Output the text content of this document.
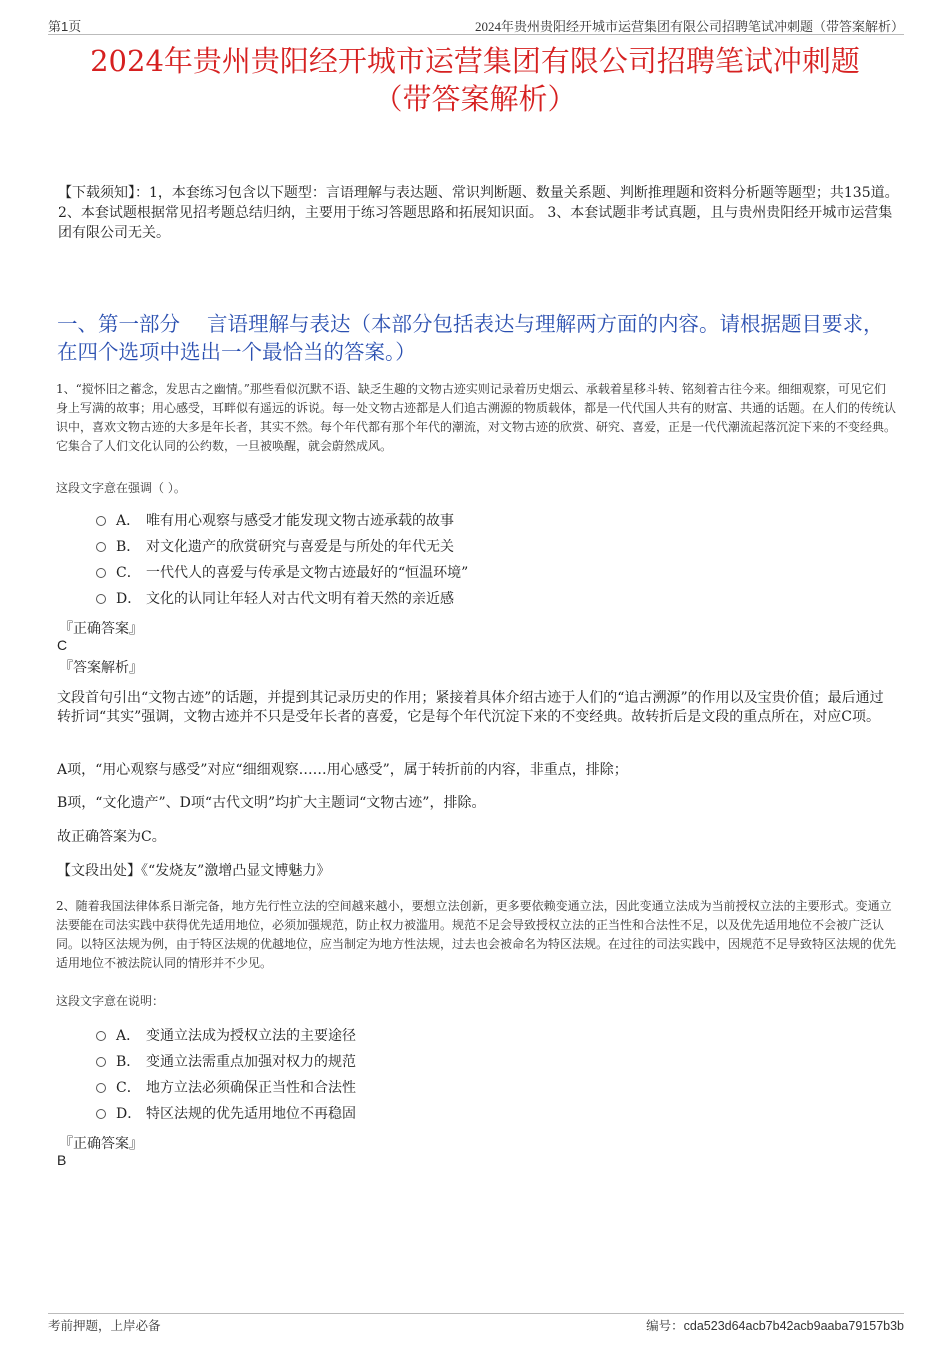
第1页	2024年贵州贵阳经开城市运营集团有限公司招聘笔试冲刺题（带答案解析）
2024年贵州贵阳经开城市运营集团有限公司招聘笔试冲刺题
（带答案解析）
【下载须知】：1，本套练习包含以下题型：言语理解与表达题、常识判断题、数量关系题、判断推理题和资料分析题等题型；共135道。 2、本套试题根据常见招考题总结归纳，主要用于练习答题思路和拓展知识面。 3、本套试题非考试真题，且与贵州贵阳经开城市运营集团有限公司无关。
一、第一部分　 言语理解与表达（本部分包括表达与理解两方面的内容。请根据题目要求，在四个选项中选出一个最恰当的答案。）
1、“搅怀旧之蓄念，发思古之幽情。”那些看似沉默不语、缺乏生趣的文物古迹实则记录着历史烟云、承载着星移斗转、铭刻着古往今来。细细观察，可见它们身上写满的故事；用心感受，耳畔似有遥远的诉说。每一处文物古迹都是人们追古溯源的物质载体，都是一代代国人共有的财富、共通的话题。在人们的传统认识中，喜欢文物古迹的大多是年长者，其实不然。每个年代都有那个年代的潮流，对文物古迹的欣赏、研究、喜爱，正是一代代潮流起落沉淀下来的不变经典。它集合了人们文化认同的公约数，一旦被唤醒，就会蔚然成风。
这段文字意在强调（ ）。
A． 唯有用心观察与感受才能发现文物古迹承载的故事
B． 对文化遗产的欣赏研究与喜爱是与所处的年代无关
C． 一代代人的喜爱与传承是文物古迹最好的“恒温环境”
D． 文化的认同让年轻人对古代文明有着天然的亲近感
『正确答案』
C
『答案解析』
文段首句引出“文物古迹”的话题，并提到其记录历史的作用；紧接着具体介绍古迹于人们的“追古溯源”的作用以及宝贵价值；最后通过转折词“其实”强调，文物古迹并不只是受年长者的喜爱，它是每个年代沉淀下来的不变经典。故转折后是文段的重点所在，对应C项。
A项，“用心观察与感受”对应“细细观察……用心感受”，属于转折前的内容，非重点，排除；
B项，“文化遗产”、D项“古代文明”均扩大主题词“文物古迹”，排除。
故正确答案为C。
【文段出处】《“发烧友”激增凸显文博魅力》
2、随着我国法律体系日渐完备，地方先行性立法的空间越来越小，要想立法创新，更多要依赖变通立法，因此变通立法成为当前授权立法的主要形式。变通立法要能在司法实践中获得优先适用地位，必须加强规范，防止权力被滥用。规范不足会导致授权立法的正当性和合法性不足，以及优先适用地位不会被广泛认同。以特区法规为例，由于特区法规的优越地位，应当制定为地方性法规，过去也会被命名为特区法规。在过往的司法实践中，因规范不足导致特区法规的优先适用地位不被法院认同的情形并不少见。
这段文字意在说明：
A． 变通立法成为授权立法的主要途径
B． 变通立法需重点加强对权力的规范
C． 地方立法必须确保正当性和合法性
D． 特区法规的优先适用地位不再稳固
『正确答案』
B
考前押题，上岸必备	编号：cda523d64acb7b42acb9aaba79157b3b
